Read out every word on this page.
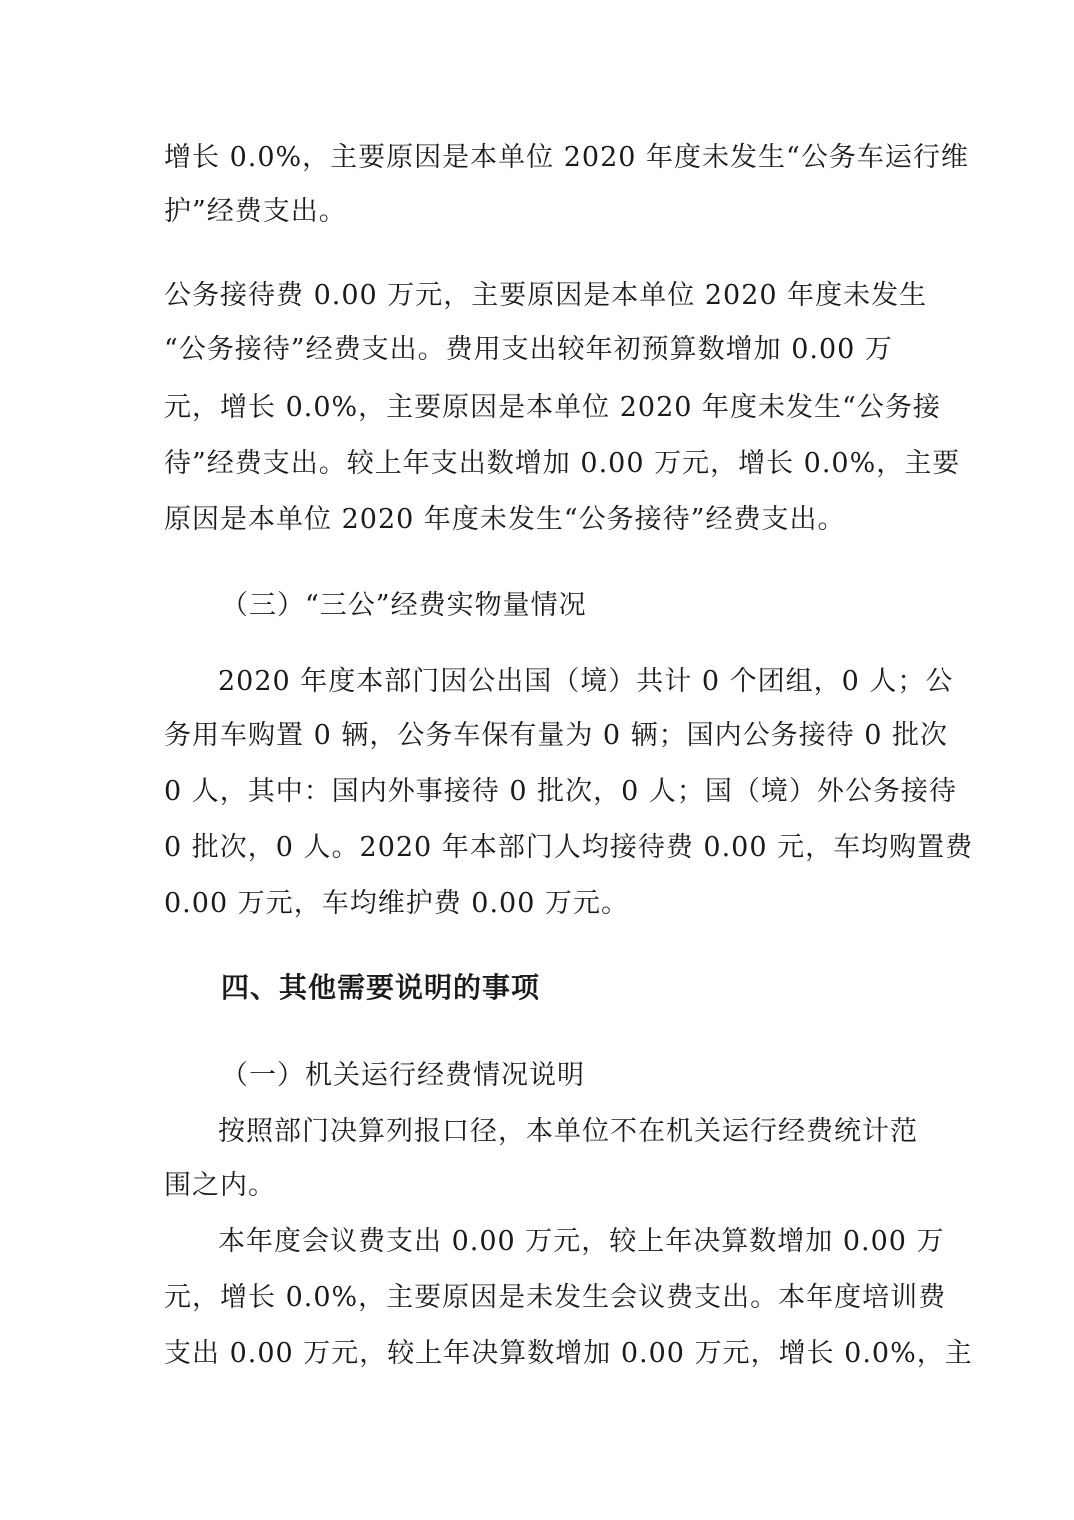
增长 0.0%，主要原因是本单位 2020 年度未发生“公务车运行维
护”经费支出。
公务接待费 0.00 万元，主要原因是本单位 2020 年度未发生
“公务接待”经费支出。费用支出较年初预算数增加 0.00 万
元，增长 0.0%，主要原因是本单位 2020 年度未发生“公务接
待”经费支出。较上年支出数增加 0.00 万元，增长 0.0%，主要
原因是本单位 2020 年度未发生“公务接待”经费支出。
（三）“三公”经费实物量情况
2020 年度本部门因公出国（境）共计 0 个团组，0 人；公
务用车购置 0 辆，公务车保有量为 0 辆；国内公务接待 0 批次
0 人，其中：国内外事接待 0 批次，0 人；国（境）外公务接待
0 批次，0 人。2020 年本部门人均接待费 0.00 元，车均购置费
0.00 万元，车均维护费 0.00 万元。
四、其他需要说明的事项
（一）机关运行经费情况说明
按照部门决算列报口径，本单位不在机关运行经费统计范
围之内。
本年度会议费支出 0.00 万元，较上年决算数增加 0.00 万
元，增长 0.0%，主要原因是未发生会议费支出。本年度培训费
支出 0.00 万元，较上年决算数增加 0.00 万元，增长 0.0%，主
